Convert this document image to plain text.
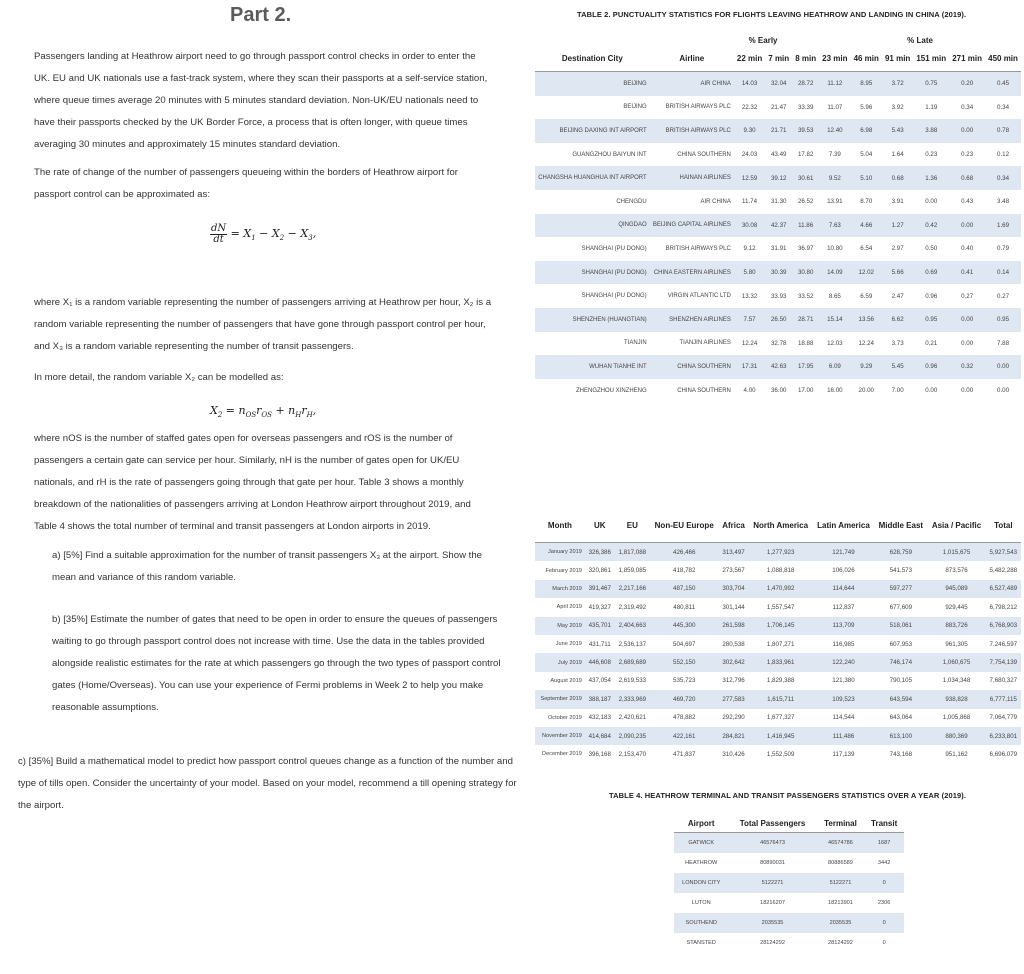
Part 2.

Passengers landing at Heathrow airport need to go through passport control checks in order to enter the UK. EU and UK nationals use a fast-track system, where they scan their passports at a self-service station, where queue times average 20 minutes with 5 minutes standard deviation. Non-UK/EU nationals need to have their passports checked by the UK Border Force, a process that is often longer, with queue times averaging 30 minutes and approximately 15 minutes standard deviation.

The rate of change of the number of passengers queueing within the borders of Heathrow airport for passport control can be approximated as:

$\frac{dN}{dt} = X_1 - X_2 - X_3$,

where X₁ is a random variable representing the number of passengers arriving at Heathrow per hour, X₂ is a random variable representing the number of passengers that have gone through passport control per hour, and X₃ is a random variable representing the number of transit passengers.

In more detail, the random variable X₂ can be modelled as:

$X_2 = n_{OS}r_{OS} + n_Hr_H$,

where nOS is the number of staffed gates open for overseas passengers and rOS is the number of passengers a certain gate can service per hour. Similarly, nH is the number of gates open for UK/EU nationals, and rH is the rate of passengers going through that gate per hour. Table 3 shows a monthly breakdown of the nationalities of passengers arriving at London Heathrow airport throughout 2019, and Table 4 shows the total number of terminal and transit passengers at London airports in 2019.

a) [5%] Find a suitable approximation for the number of transit passengers X₃ at the airport. Show the mean and variance of this random variable.

b) [35%] Estimate the number of gates that need to be open in order to ensure the queues of passengers waiting to go through passport control does not increase with time. Use the data in the tables provided alongside realistic estimates for the rate at which passengers go through the two types of passport control gates (Home/Overseas). You can use your experience of Fermi problems in Week 2 to help you make reasonable assumptions.

c) [35%] Build a mathematical model to predict how passport control queues change as a function of the number and type of tills open. Consider the uncertainty of your model. Based on your model, recommend a till opening strategy for the airport.

TABLE 2. PUNCTUALITY STATISTICS FOR FLIGHTS LEAVING HEATHROW AND LANDING IN CHINA (2019).
		% Early			% Late					
Destination City	Airline	22 min	7 min	8 min	23 min	46 min	91 min	151 min	271 min	450 min
BEIJING	AIR CHINA	14.03	32.04	28.72	11.12	8.95	3.72	0.75	0.20	0.45
BEIJING	BRITISH AIRWAYS PLC	22.32	21.47	33.39	11.07	5.96	3.92	1.19	0.34	0.34
BEIJING DAXING INT AIRPORT	BRITISH AIRWAYS PLC	9.30	21.71	39.53	12.40	6.98	5.43	3.88	0.00	0.78
GUANGZHOU BAIYUN INT	CHINA SOUTHERN	24.03	43.49	17.82	7.39	5.04	1.64	0.23	0.23	0.12
CHANGSHA HUANGHUA INT AIRPORT	HAINAN AIRLINES	12.59	39.12	30.61	9.52	5.10	0.68	1.36	0.68	0.34
CHENGDU	AIR CHINA	11.74	31.30	26.52	13.91	8.70	3.91	0.00	0.43	3.48
QINGDAO	BEIJING CAPITAL AIRLINES	30.08	42.37	11.86	7.63	4.66	1.27	0.42	0.00	1.69
SHANGHAI (PU DONG)	BRITISH AIRWAYS PLC	9.12	31.91	36.97	10.80	6.54	2.97	0.50	0.40	0.79
SHANGHAI (PU DONG)	CHINA EASTERN AIRLINES	5.80	30.39	30.80	14.09	12.02	5.66	0.69	0.41	0.14
SHANGHAI (PU DONG)	VIRGIN ATLANTIC LTD	13.32	33.93	33.52	8.65	6.59	2.47	0.96	0.27	0.27
SHENZHEN (HUANGTIAN)	SHENZHEN AIRLINES	7.57	26.50	28.71	15.14	13.56	6.62	0.95	0.00	0.95
TIANJIN	TIANJIN AIRLINES	12.24	32.78	18.88	12.03	12.24	3.73	0.21	0.00	7.88
WUHAN TIANHE INT	CHINA SOUTHERN	17.31	42.63	17.95	6.09	9.29	5.45	0.96	0.32	0.00
ZHENGZHOU XINZHENG	CHINA SOUTHERN	4.00	36.00	17.00	16.00	20.00	7.00	0.00	0.00	0.00
Month	UK	EU	Non-EU Europe	Africa	North America	Latin America	Middle East	Asia / Pacific	Total
January 2019	326,386	1,817,088	426,466	313,497	1,277,923	121,749	628,759	1,015,675	5,927,543
February 2019	320,861	1,859,085	418,782	273,567	1,088,818	106,026	541,573	873,576	5,482,288
March 2019	391,467	2,217,166	487,150	303,704	1,470,992	114,644	597,277	945,089	6,527,489
April 2019	419,327	2,319,492	480,811	301,144	1,557,547	112,837	677,609	929,445	6,798,212
May 2019	435,701	2,404,663	445,300	261,598	1,706,145	113,709	518,061	883,726	6,768,903
June 2019	431,711	2,536,137	504,697	280,538	1,807,271	116,985	607,953	961,305	7,246,597
July 2019	446,608	2,689,689	552,150	302,642	1,833,961	122,240	746,174	1,060,675	7,754,139
August 2019	437,054	2,619,533	535,723	312,796	1,829,388	121,380	790,105	1,034,348	7,680,327
September 2019	388,187	2,333,969	469,720	277,583	1,615,711	109,523	643,594	938,828	6,777,115
October 2019	432,183	2,420,621	478,882	292,290	1,677,327	114,544	643,064	1,005,868	7,064,779
November 2019	414,684	2,090,235	422,161	284,821	1,416,945	111,486	613,100	880,369	6,233,801
December 2019	396,168	2,153,470	471,837	310,426	1,552,509	117,139	743,168	951,162	6,696,079
TABLE 4. HEATHROW TERMINAL AND TRANSIT PASSENGERS STATISTICS OVER A YEAR (2019).
Airport	Total Passengers	Terminal	Transit
GATWICK	46576473	46574786	1687
HEATHROW	80890031	80886589	3442
LONDON CITY	5122271	5122271	0
LUTON	18216207	18213901	2306
SOUTHEND	2035535	2035535	0
STANSTED	28124292	28124292	0
